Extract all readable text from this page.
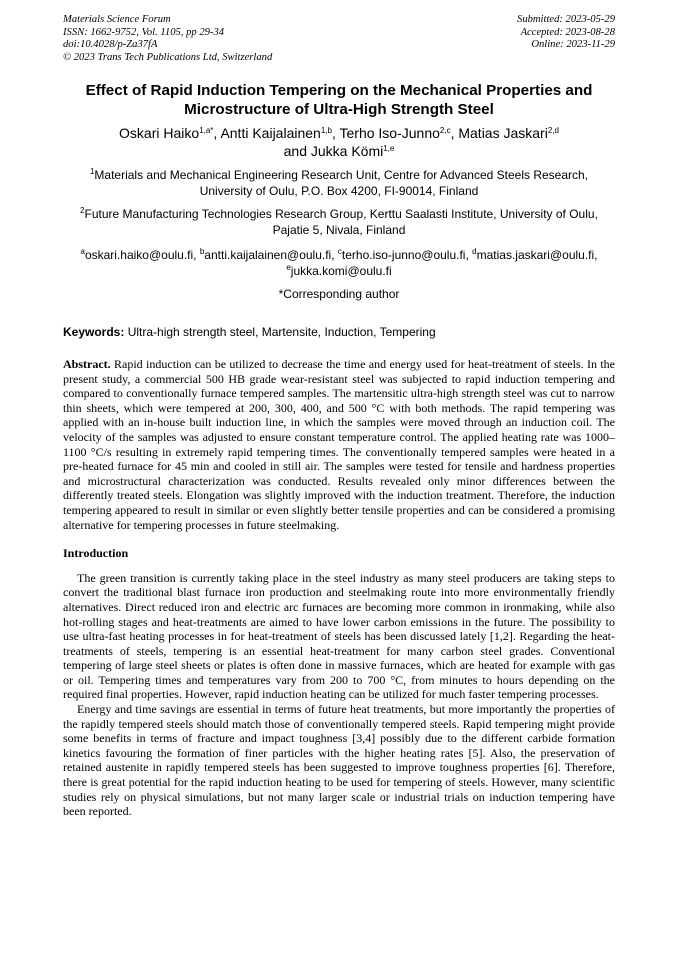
Materials Science Forum
ISSN: 1662-9752, Vol. 1105, pp 29-34
doi:10.4028/p-Za37fA
© 2023 Trans Tech Publications Ltd, Switzerland
Submitted: 2023-05-29
Accepted: 2023-08-28
Online: 2023-11-29
Effect of Rapid Induction Tempering on the Mechanical Properties and
Microstructure of Ultra-High Strength Steel
Oskari Haiko$^{1,a*}$, Antti Kaijalainen$^{1,b}$, Terho Iso-Junno$^{2,c}$, Matias Jaskari$^{2,d}$
and Jukka Kömi$^{1,e}$
$^1$Materials and Mechanical Engineering Research Unit, Centre for Advanced Steels Research,
University of Oulu, P.O. Box 4200, FI-90014, Finland
$^2$Future Manufacturing Technologies Research Group, Kerttu Saalasti Institute, University of Oulu,
Pajatie 5, Nivala, Finland
$^a$oskari.haiko@oulu.fi, $^b$antti.kaijalainen@oulu.fi, $^c$terho.iso-junno@oulu.fi, $^d$matias.jaskari@oulu.fi,
$^e$jukka.komi@oulu.fi
*Corresponding author
Keywords: Ultra-high strength steel, Martensite, Induction, Tempering
Abstract. Rapid induction can be utilized to decrease the time and energy used for heat-treatment of steels. In the present study, a commercial 500 HB grade wear-resistant steel was subjected to rapid induction tempering and compared to conventionally furnace tempered samples. The martensitic ultra-high strength steel was cut to narrow thin sheets, which were tempered at 200, 300, 400, and 500 °C with both methods. The rapid tempering was applied with an in-house built induction line, in which the samples were moved through an induction coil. The velocity of the samples was adjusted to ensure constant temperature control. The applied heating rate was 1000–1100 °C/s resulting in extremely rapid tempering times. The conventionally tempered samples were heated in a pre-heated furnace for 45 min and cooled in still air. The samples were tested for tensile and hardness properties and microstructural characterization was conducted. Results revealed only minor differences between the differently treated steels. Elongation was slightly improved with the induction treatment. Therefore, the induction tempering appeared to result in similar or even slightly better tensile properties and can be considered a promising alternative for tempering processes in future steelmaking.
Introduction

The green transition is currently taking place in the steel industry as many steel producers are taking steps to convert the traditional blast furnace iron production and steelmaking route into more environmentally friendly alternatives. Direct reduced iron and electric arc furnaces are becoming more common in ironmaking, while also hot-rolling stages and heat-treatments are aimed to have lower carbon emissions in the future. The possibility to use ultra-fast heating processes in for heat-treatment of steels has been discussed lately [1,2]. Regarding the heat-treatments of steels, tempering is an essential heat-treatment for many carbon steel grades. Conventional tempering of large steel sheets or plates is often done in massive furnaces, which are heated for example with gas or oil. Tempering times and temperatures vary from 200 to 700 °C, from minutes to hours depending on the required final properties. However, rapid induction heating can be utilized for much faster tempering processes.

Energy and time savings are essential in terms of future heat treatments, but more importantly the properties of the rapidly tempered steels should match those of conventionally tempered steels. Rapid tempering might provide some benefits in terms of fracture and impact toughness [3,4] possibly due to the different carbide formation kinetics favouring the formation of finer particles with the higher heating rates [5]. Also, the preservation of retained austenite in rapidly tempered steels has been suggested to improve toughness properties [6]. Therefore, there is great potential for the rapid induction heating to be used for tempering of steels. However, many scientific studies rely on physical simulations, but not many larger scale or industrial trials on induction tempering have been reported.
